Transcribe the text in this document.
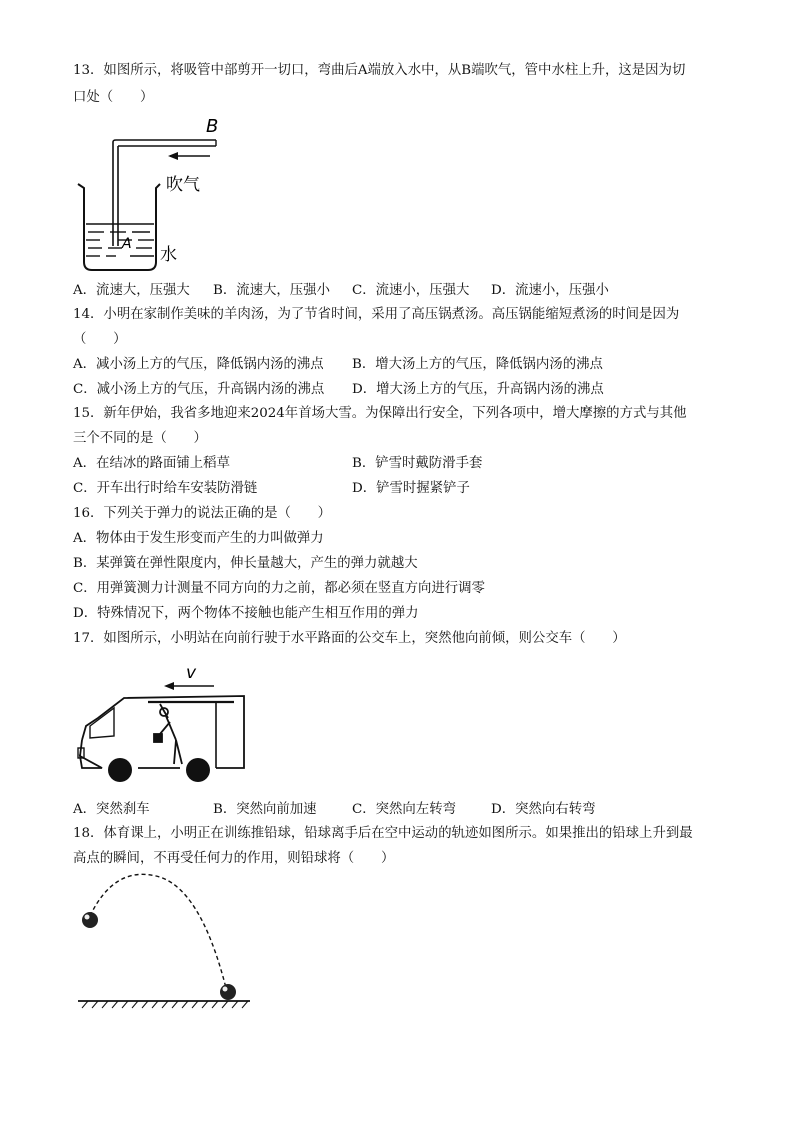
13．如图所示，将吸管中部剪开一切口，弯曲后A端放入水中，从B端吹气，管中水柱上升，这是因为切
口处（　　）
B
A
吹气
水
A．流速大，压强大 B．流速大，压强小 C．流速小，压强大 D．流速小，压强小
14．小明在家制作美味的羊肉汤，为了节省时间，采用了高压锅煮汤。高压锅能缩短煮汤的时间是因为
（　　）
A．减小汤上方的气压，降低锅内汤的沸点 B．增大汤上方的气压，降低锅内汤的沸点
C．减小汤上方的气压，升高锅内汤的沸点 D．增大汤上方的气压，升高锅内汤的沸点
15．新年伊始，我省多地迎来2024年首场大雪。为保障出行安全，下列各项中，增大摩擦的方式与其他
三个不同的是（　　）
A．在结冰的路面铺上稻草	B．铲雪时戴防滑手套
C．开车出行时给车安装防滑链	D．铲雪时握紧铲子
16．下列关于弹力的说法正确的是（　　）
A．物体由于发生形变而产生的力叫做弹力
B．某弹簧在弹性限度内，伸长量越大，产生的弹力就越大
C．用弹簧测力计测量不同方向的力之前，都必须在竖直方向进行调零
D．特殊情况下，两个物体不接触也能产生相互作用的弹力
17．如图所示，小明站在向前行驶于水平路面的公交车上，突然他向前倾，则公交车（　　）
v
A．突然刹车	B．突然向前加速	C．突然向左转弯	D．突然向右转弯
18．体育课上，小明正在训练推铅球，铅球离手后在空中运动的轨迹如图所示。如果推出的铅球上升到最
高点的瞬间，不再受任何力的作用，则铅球将（　　）
